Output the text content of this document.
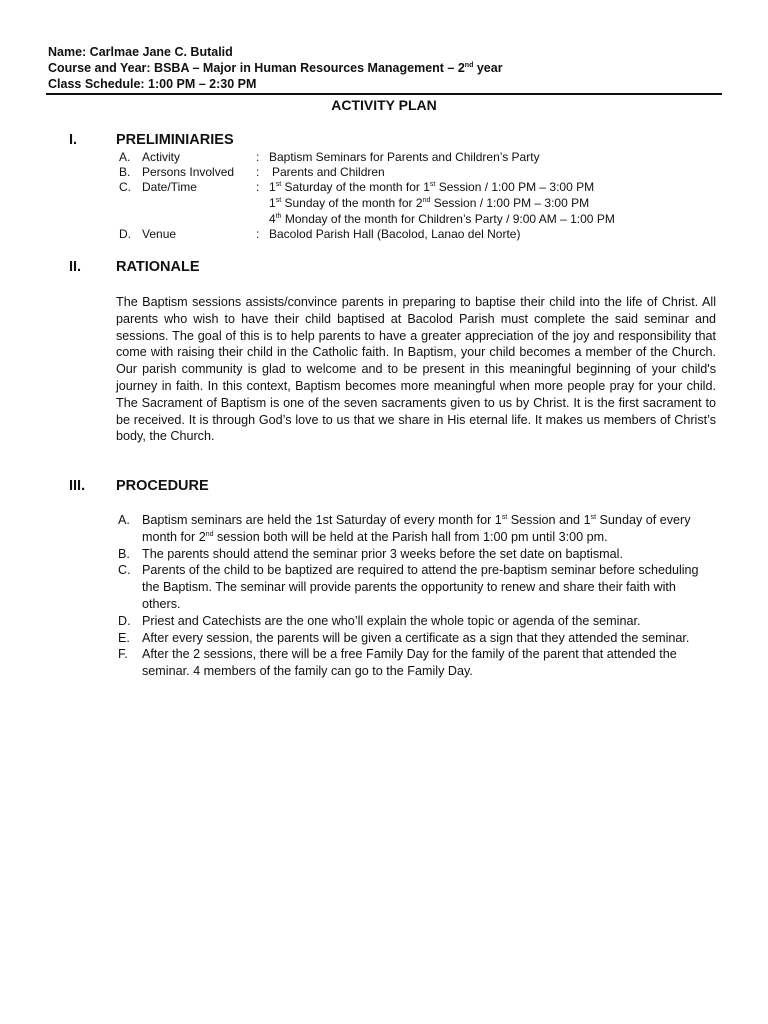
Name: Carlmae Jane C. Butalid
Course and Year: BSBA – Major in Human Resources Management – 2nd year
Class Schedule: 1:00 PM – 2:30 PM
ACTIVITY PLAN
I.	PRELIMINIARIES
A. Activity	: Baptism Seminars for Parents and Children’s Party
B. Persons Involved : Parents and Children
C. Date/Time	: 1st Saturday of the month for 1st Session / 1:00 PM – 3:00 PM
1st Sunday of the month for 2nd Session / 1:00 PM – 3:00 PM
4th Monday of the month for Children’s Party / 9:00 AM – 1:00 PM
D. Venue	: Bacolod Parish Hall (Bacolod, Lanao del Norte)
II. RATIONALE
The Baptism sessions assists/convince parents in preparing to baptise their child into the life of Christ. All parents who wish to have their child baptised at Bacolod Parish must complete the said seminar and sessions. The goal of this is to help parents to have a greater appreciation of the joy and responsibility that come with raising their child in the Catholic faith. In Baptism, your child becomes a member of the Church. Our parish community is glad to welcome and to be present in this meaningful beginning of your child's journey in faith. In this context, Baptism becomes more meaningful when more people pray for your child. The Sacrament of Baptism is one of the seven sacraments given to us by Christ. It is the first sacrament to be received. It is through God’s love to us that we share in His eternal life. It makes us members of Christ’s body, the Church.
III. PROCEDURE
A. Baptism seminars are held the 1st Saturday of every month for 1st Session and 1st Sunday of every month for 2nd session both will be held at the Parish hall from 1:00 pm until 3:00 pm.
B. The parents should attend the seminar prior 3 weeks before the set date on baptismal.
C. Parents of the child to be baptized are required to attend the pre-baptism seminar before scheduling the Baptism. The seminar will provide parents the opportunity to renew and share their faith with others.
D. Priest and Catechists are the one who’ll explain the whole topic or agenda of the seminar.
E. After every session, the parents will be given a certificate as a sign that they attended the seminar.
F. After the 2 sessions, there will be a free Family Day for the family of the parent that attended the seminar. 4 members of the family can go to the Family Day.
